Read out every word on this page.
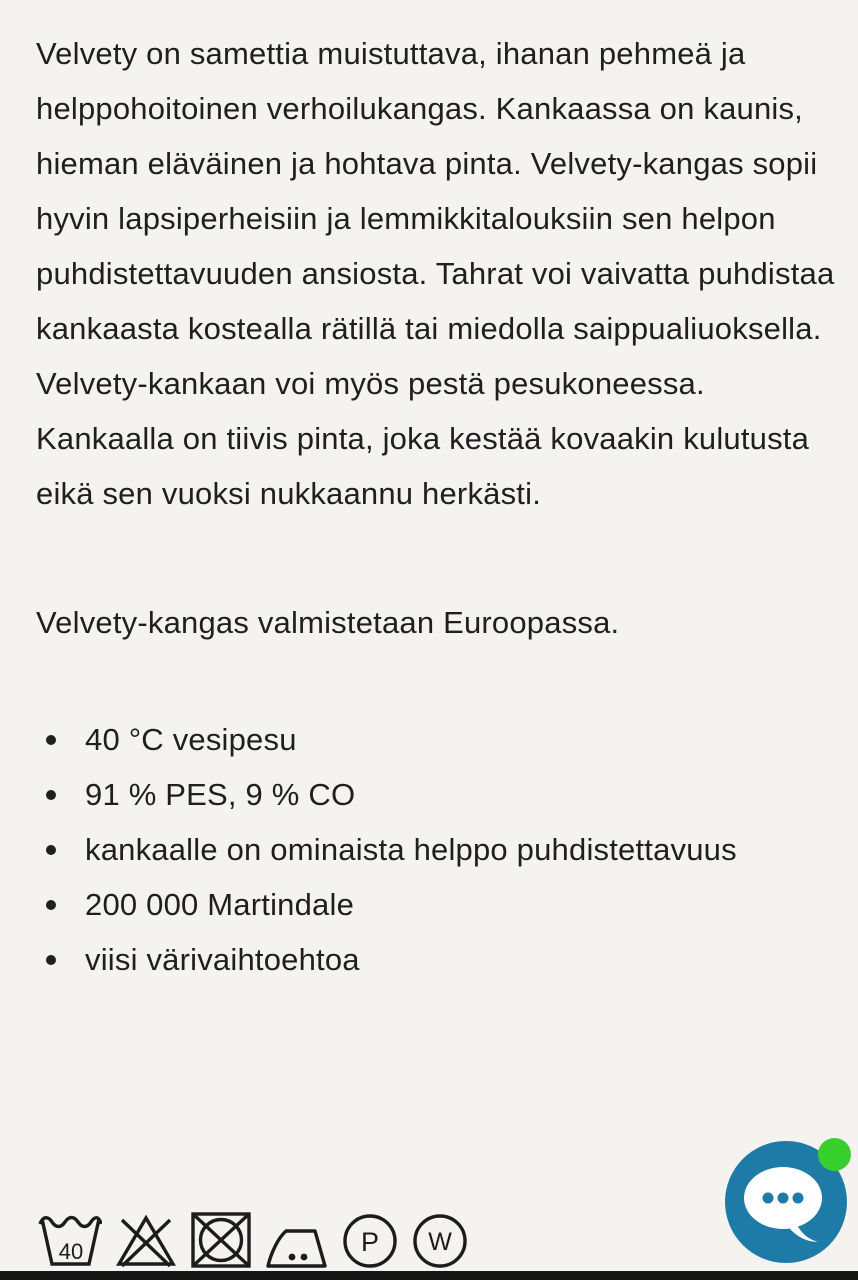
Velvety on samettia muistuttava, ihanan pehmeä ja helppohoitoinen verhoilukangas. Kankaassa on kaunis, hieman eläväinen ja hohtava pinta. Velvety-kangas sopii hyvin lapsiperheisiin ja lemmikkitalouksiin sen helpon puhdistettavuuden ansiosta. Tahrat voi vaivatta puhdistaa kankaasta kostealla rätillä tai miedolla saippualiuoksella. Velvety-kankaan voi myös pestä pesukoneessa. Kankaalla on tiivis pinta, joka kestää kovaakin kulutusta eikä sen vuoksi nukkaannu herkästi.

Velvety-kangas valmistetaan Euroopassa.

40 °C vesipesu
91 % PES, 9 % CO
kankaalle on ominaista helppo puhdistettavuus
200 000 Martindale
viisi värivaihtoehtoa
40	P W
